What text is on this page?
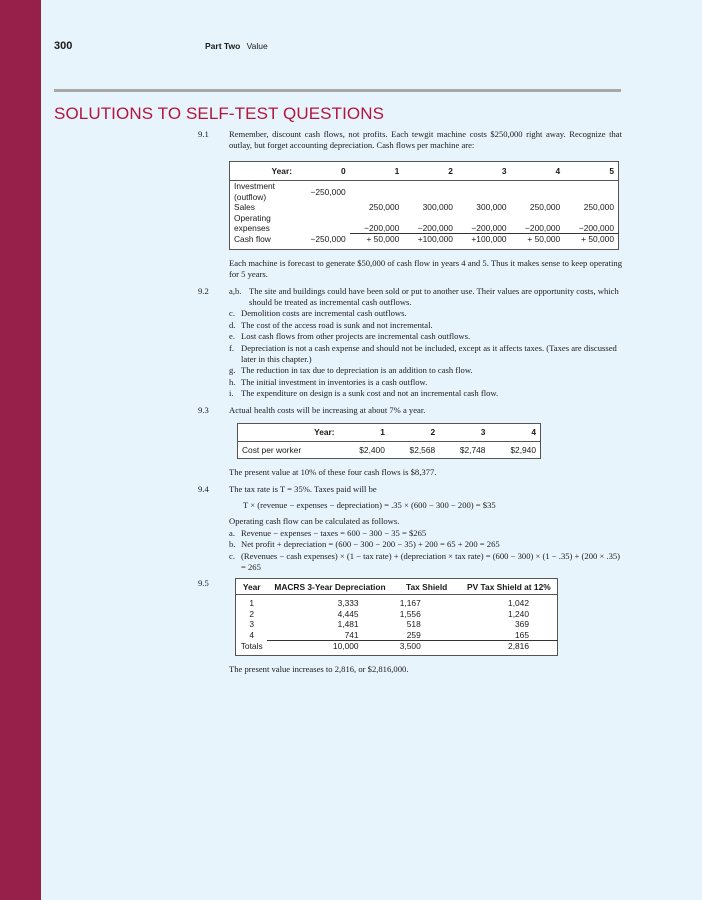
300	Part Two Value
SOLUTIONS TO SELF-TEST QUESTIONS
9.1 Remember, discount cash flows, not profits. Each tewgit machine costs $250,000 right away. Recognize that outlay, but forget accounting depreciation. Cash flows per machine are:

Year:	0	1	2	3	4	5
Investment (outflow)	−250,000					
Sales		250,000	300,000	300,000	250,000	250,000
Operating expenses		−200,000	−200,000	−200,000	−200,000	−200,000
Cash flow	−250,000	+ 50,000	+100,000	+100,000	+ 50,000	+ 50,000

Each machine is forecast to generate $50,000 of cash flow in years 4 and 5. Thus it makes sense to keep operating for 5 years.

9.2 a,b. The site and buildings could have been sold or put to another use. Their values are opportunity costs, which should be treated as incremental cash outflows.
c. Demolition costs are incremental cash outflows.
d. The cost of the access road is sunk and not incremental.
e. Lost cash flows from other projects are incremental cash outflows.
f. Depreciation is not a cash expense and should not be included, except as it affects taxes. (Taxes are discussed later in this chapter.)
g. The reduction in tax due to depreciation is an addition to cash flow.
h. The initial investment in inventories is a cash outflow.
i. The expenditure on design is a sunk cost and not an incremental cash flow.
9.3 Actual health costs will be increasing at about 7% a year.

Year:	1	2	3	4
Cost per worker	$2,400	$2,568	$2,748	$2,940

The present value at 10% of these four cash flows is $8,377.

9.4 The tax rate is T = 35%. Taxes paid will be

T × (revenue − expenses − depreciation) = .35 × (600 − 300 − 200) = $35

Operating cash flow can be calculated as follows.

a. Revenue − expenses − taxes = 600 − 300 − 35 = $265
b. Net profit + depreciation = (600 − 300 − 200 − 35) + 200 = 65 + 200 = 265
c. (Revenues − cash expenses) × (1 − tax rate) + (depreciation × tax rate) = (600 − 300) × (1 − .35) + (200 × .35) = 265
9.5	Year	MACRS 3-Year Depreciation	Tax Shield	PV Tax Shield at 12%
1	3,333	1,167	1,042
2	4,445	1,556	1,240
3	1,481	518	369
4	741	259	165
Totals	10,000	3,500	2,816

The present value increases to 2,816, or $2,816,000.
